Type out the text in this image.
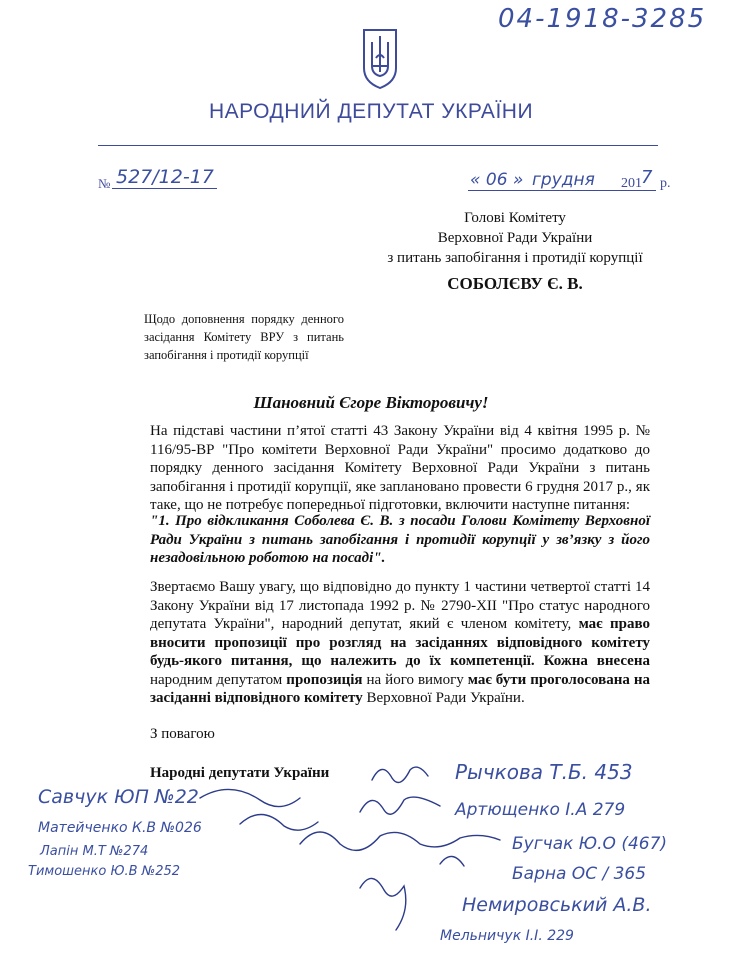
04-1918-3285
НАРОДНИЙ ДЕПУТАТ УКРАЇНИ
№ 527/12-17	« 06 » грудня 201 7 р.
Голові Комітету
Верховної Ради України
з питань запобігання і протидії корупції
СОБОЛЄВУ Є. В.
Щодо доповнення порядку денного
засідання Комітету ВРУ з питань
запобігання і протидії корупції
Шановний Єгоре Вікторовичу!

На підставі частини п’ятої статті 43 Закону України від 4 квітня 1995 р. № 116/95-ВР "Про комітети Верховної Ради України" просимо додатково до порядку денного засідання Комітету Верховної Ради України з питань запобігання і протидії корупції, яке заплановано провести 6 грудня 2017 р., як таке, що не потребує попередньої підготовки, включити наступне питання:

"1. Про відкликання Соболева Є. В. з посади Голови Комітету Верховної Ради України з питань запобігання і протидії корупції у зв’язку з його незадовільною роботою на посаді".

Звертаємо Вашу увагу, що відповідно до пункту 1 частини четвертої статті 14 Закону України від 17 листопада 1992 р. № 2790-XII "Про статус народного депутата України", народний депутат, який є членом комітету, має право вносити пропозиції про розгляд на засіданнях відповідного комітету будь-якого питання, що належить до їх компетенції. Кожна внесена народним депутатом пропозиція на його вимогу має бути проголосована на засіданні відповідного комітету Верховної Ради України.

З повагою
Народні депутати України	Рычкова Т.Б. 453
Артющенко І.А 279
Бугчак Ю.О (467)
Барна ОС / 365
Немировський А.В.
Мельничук І.І. 229
Савчук ЮП №22
Матейченко К.В №026
Лапін М.Т №274
Тимошенко Ю.В №252
